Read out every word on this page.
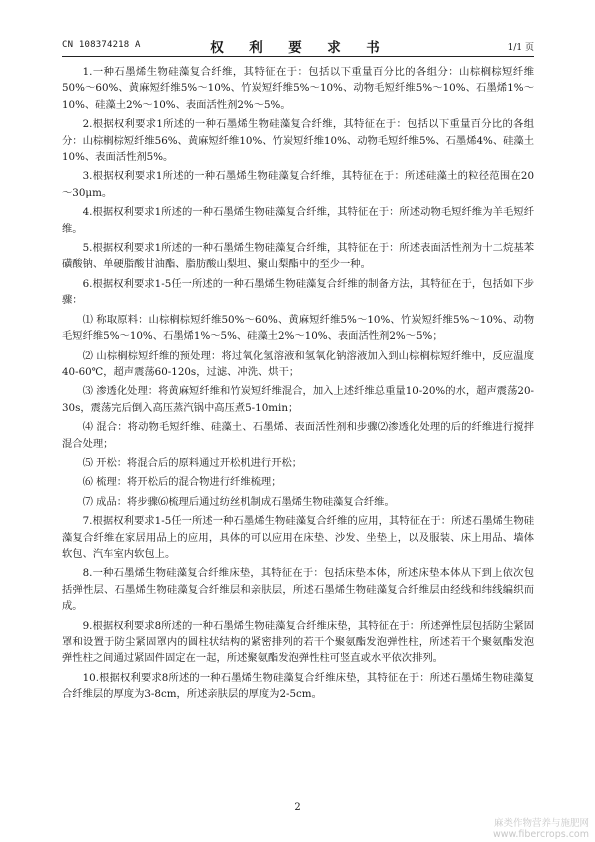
CN 108374218 A	权　利　要　求　书	1/1 页

1.一种石墨烯生物硅藻复合纤维，其特征在于：包括以下重量百分比的各组分：山棕榈棕短纤维50%～60%、黄麻短纤维5%～10%、竹炭短纤维5%～10%、动物毛短纤维5%～10%、石墨烯1%～10%、硅藻土2%～10%、表面活性剂2%～5%。

2.根据权利要求1所述的一种石墨烯生物硅藻复合纤维，其特征在于：包括以下重量百分比的各组分：山棕榈棕短纤维56%、黄麻短纤维10%、竹炭短纤维10%、动物毛短纤维5%、石墨烯4%、硅藻土10%、表面活性剂5%。

3.根据权利要求1所述的一种石墨烯生物硅藻复合纤维，其特征在于：所述硅藻土的粒径范围在20～30μm。

4.根据权利要求1所述的一种石墨烯生物硅藻复合纤维，其特征在于：所述动物毛短纤维为羊毛短纤维。

5.根据权利要求1所述的一种石墨烯生物硅藻复合纤维，其特征在于：所述表面活性剂为十二烷基苯磺酸钠、单硬脂酸甘油酯、脂肪酸山梨坦、聚山梨酯中的至少一种。

6.根据权利要求1-5任一所述的一种石墨烯生物硅藻复合纤维的制备方法，其特征在于，包括如下步骤：

⑴ 称取原料：山棕榈棕短纤维50%～60%、黄麻短纤维5%～10%、竹炭短纤维5%～10%、动物毛短纤维5%～10%、石墨烯1%～5%、硅藻土2%～10%、表面活性剂2%～5%；

⑵ 山棕榈棕短纤维的预处理：将过氧化氢溶液和氢氧化钠溶液加入到山棕榈棕短纤维中，反应温度40-60℃，超声震荡60-120s，过滤、冲洗、烘干；

⑶ 渗透化处理：将黄麻短纤维和竹炭短纤维混合，加入上述纤维总重量10-20%的水，超声震荡20-30s，震荡完后倒入高压蒸汽锅中高压煮5-10min；

⑷ 混合：将动物毛短纤维、硅藻土、石墨烯、表面活性剂和步骤⑵渗透化处理的后的纤维进行搅拌混合处理；

⑸ 开松：将混合后的原料通过开松机进行开松；

⑹ 梳理：将开松后的混合物进行纤维梳理；

⑺ 成品：将步骤⑹梳理后通过纺丝机制成石墨烯生物硅藻复合纤维。

7.根据权利要求1-5任一所述一种石墨烯生物硅藻复合纤维的应用，其特征在于：所述石墨烯生物硅藻复合纤维在家居用品上的应用，具体的可以应用在床垫、沙发、坐垫上，以及服装、床上用品、墙体软包、汽车室内软包上。

8.一种石墨烯生物硅藻复合纤维床垫，其特征在于：包括床垫本体，所述床垫本体从下到上依次包括弹性层、石墨烯生物硅藻复合纤维层和亲肤层，所述石墨烯生物硅藻复合纤维层由经线和纬线编织而成。

9.根据权利要求8所述的一种石墨烯生物硅藻复合纤维床垫，其特征在于：所述弹性层包括防尘紧固罩和设置于防尘紧固罩内的圆柱状结构的紧密排列的若干个聚氨酯发泡弹性柱，所述若干个聚氨酯发泡弹性柱之间通过紧固件固定在一起，所述聚氨酯发泡弹性柱可竖直或水平依次排列。

10.根据权利要求8所述的一种石墨烯生物硅藻复合纤维床垫，其特征在于：所述石墨烯生物硅藻复合纤维层的厚度为3-8cm，所述亲肤层的厚度为2-5cm。

2
麻类作物营养与施肥网
www.fibercrops.com
